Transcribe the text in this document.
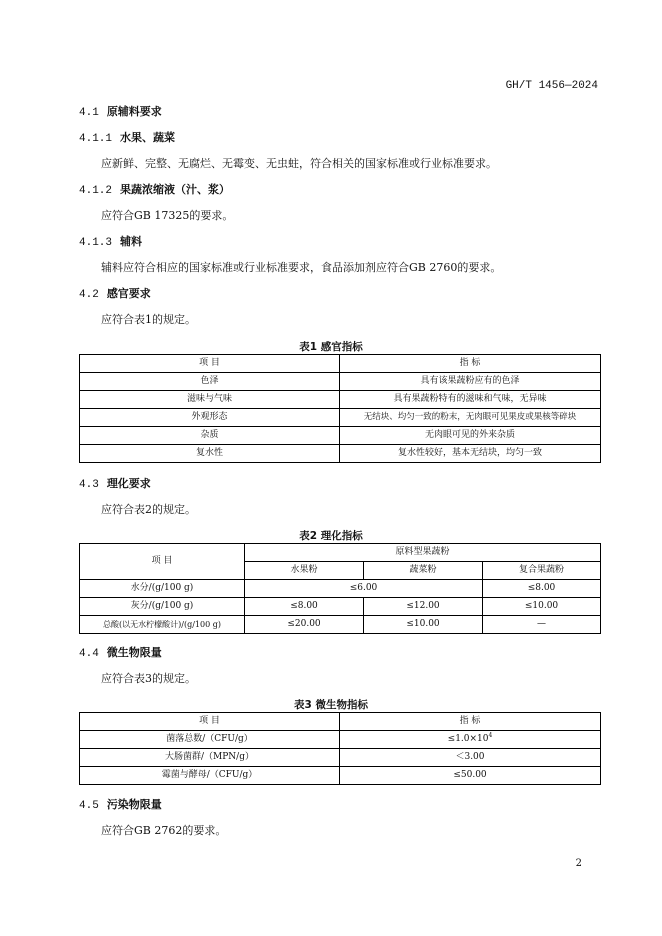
GH/T 1456—2024
4.1 原辅料要求
4.1.1 水果、蔬菜
应新鲜、完整、无腐烂、无霉变、无虫蛀，符合相关的国家标准或行业标准要求。
4.1.2 果蔬浓缩液（汁、浆）
应符合GB 17325的要求。
4.1.3 辅料
辅料应符合相应的国家标准或行业标准要求，食品添加剂应符合GB 2760的要求。
4.2 感官要求
应符合表1的规定。
表1 感官指标
项 目	指 标
色泽	具有该果蔬粉应有的色泽
滋味与气味	具有果蔬粉特有的滋味和气味，无异味
外观形态	无结块、均匀一致的粉末，无肉眼可见果皮或果核等碎块
杂质	无肉眼可见的外来杂质
复水性	复水性较好，基本无结块，均匀一致
4.3 理化要求
应符合表2的规定。
表2 理化指标
项 目	原料型果蔬粉		
	水果粉	蔬菜粉	复合果蔬粉
水分/(g/100 g)	≤6.00		≤8.00
灰分/(g/100 g)	≤8.00	≤12.00	≤10.00
总酸(以无水柠檬酸计)/(g/100 g)	≤20.00	≤10.00	—
4.4 微生物限量
应符合表3的规定。
表3 微生物指标
项 目	指 标
菌落总数/（CFU/g）	$\le 1.0\times 10^4$
大肠菌群/（MPN/g）	＜3.00
霉菌与酵母/（CFU/g）	≤50.00
4.5 污染物限量
应符合GB 2762的要求。
2
